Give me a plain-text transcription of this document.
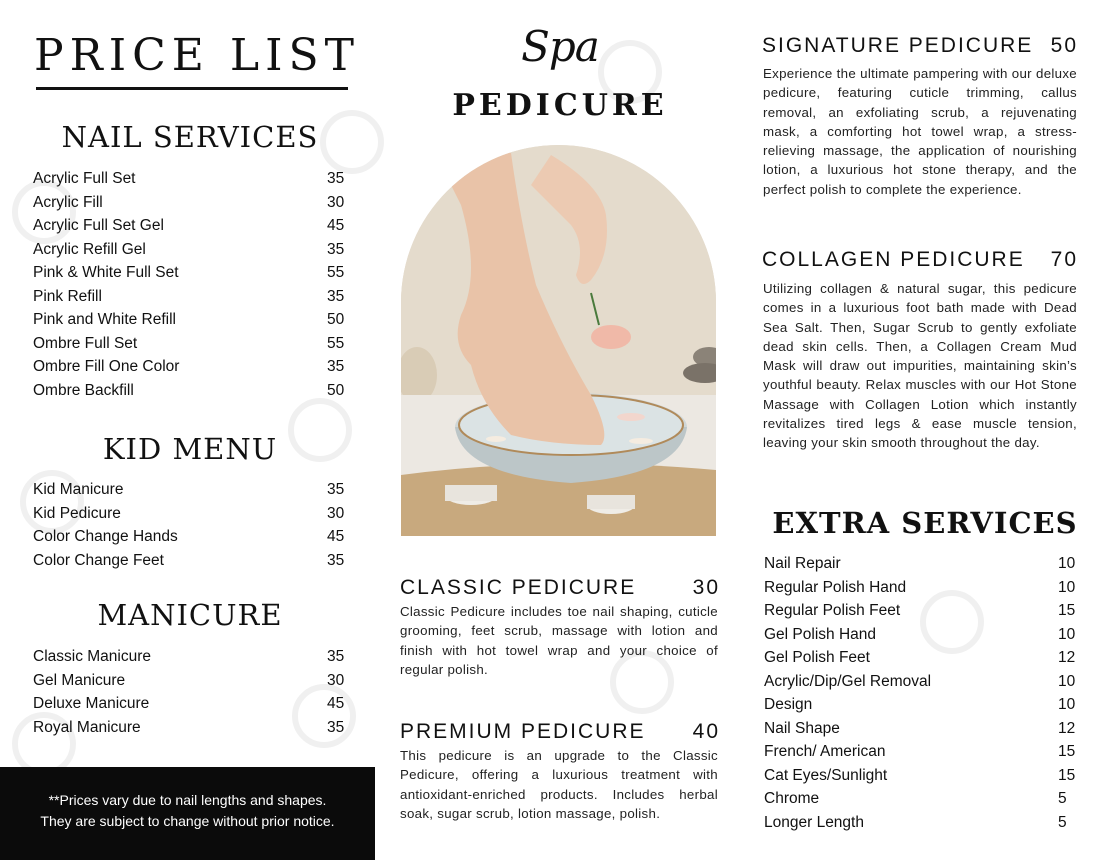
PRICE LIST
NAIL SERVICES
Acrylic Full Set	35
Acrylic Fill	30
Acrylic Full Set Gel	45
Acrylic Refill Gel	35
Pink & White Full Set	55
Pink Refill	35
Pink and White Refill	50
Ombre Full Set	55
Ombre Fill One Color	35
Ombre Backfill	50
KID MENU
Kid Manicure	35
Kid Pedicure	30
Color Change Hands	45
Color Change Feet	35
MANICURE
Classic Manicure	35
Gel Manicure	30
Deluxe Manicure	45
Royal Manicure	35
**Prices vary due to nail lengths and shapes.
They are subject to change without prior notice.
Spa
PEDICURE
CLASSIC PEDICURE	30

Classic Pedicure includes toe nail shaping, cuticle grooming, feet scrub, massage with lotion and finish with hot towel wrap and your choice of regular polish.

PREMIUM PEDICURE 40

This pedicure is an upgrade to the Classic Pedicure, offering a luxurious treatment with antioxidant-enriched products. Includes herbal soak, sugar scrub, lotion massage, polish.

SIGNATURE PEDICURE 50

Experience the ultimate pampering with our deluxe pedicure, featuring cuticle trimming, callus removal, an exfoliating scrub, a rejuvenating mask, a comforting hot towel wrap, a stress-relieving massage, the application of nourishing lotion, a luxurious hot stone therapy, and the perfect polish to complete the experience.

COLLAGEN PEDICURE 70

Utilizing collagen & natural sugar, this pedicure comes in a luxurious foot bath made with Dead Sea Salt. Then, Sugar Scrub to gently exfoliate dead skin cells. Then, a Collagen Cream Mud Mask will draw out impurities, maintaining skin’s youthful beauty. Relax muscles with our Hot Stone Massage with Collagen Lotion which instantly revitalizes tired legs & ease muscle tension, leaving your skin smooth throughout the day.

EXTRA SERVICES
Nail Repair	10
Regular Polish Hand	10
Regular Polish Feet	15
Gel Polish Hand	10
Gel Polish Feet	12
Acrylic/Dip/Gel Removal	10
Design	10
Nail Shape	12
French/ American	15
Cat Eyes/Sunlight	15
Chrome	5
Longer Length	5
